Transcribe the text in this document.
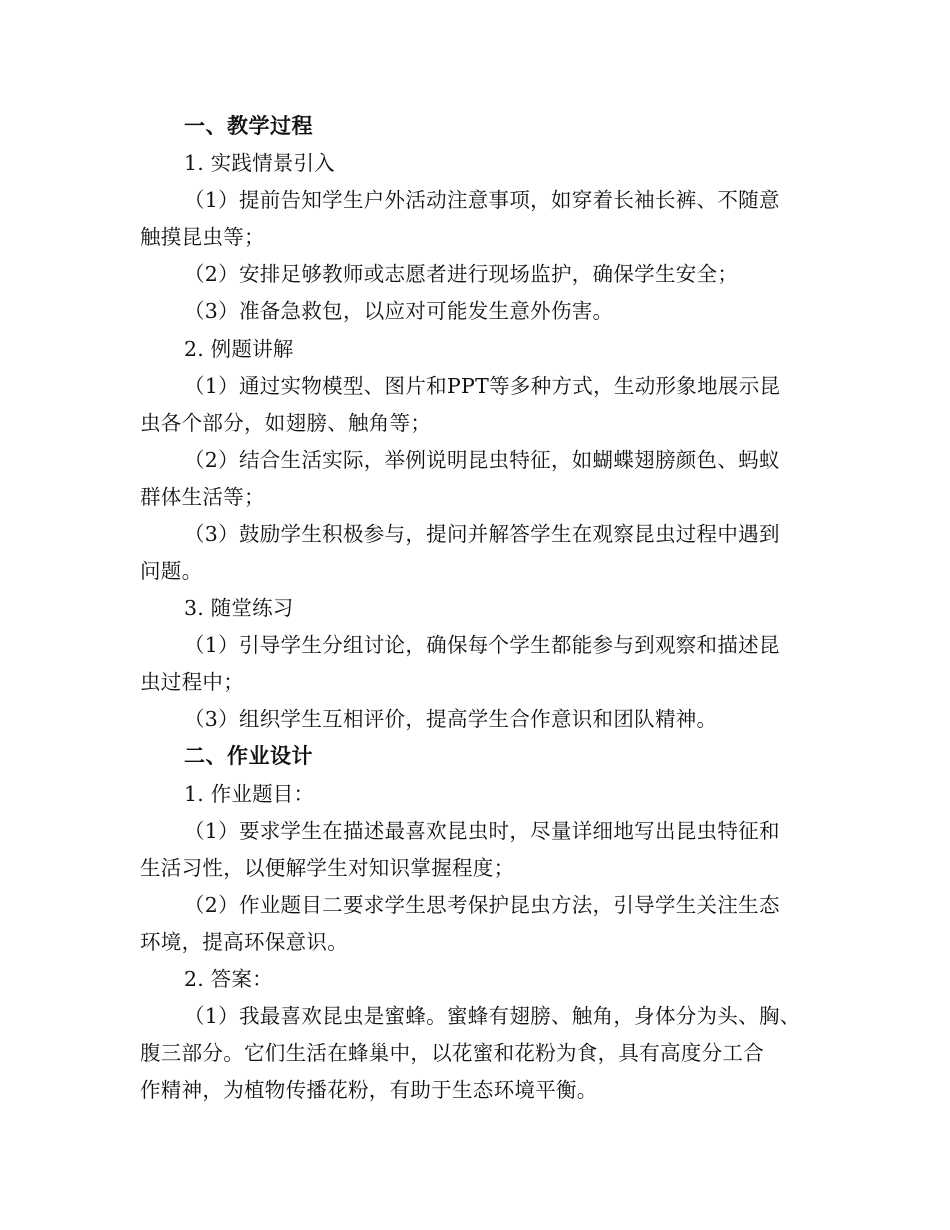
一、教学过程
1. 实践情景引入
（1）提前告知学生户外活动注意事项，如穿着长袖长裤、不随意
触摸昆虫等；
（2）安排足够教师或志愿者进行现场监护，确保学生安全；
（3）准备急救包，以应对可能发生意外伤害。
2. 例题讲解
（1）通过实物模型、图片和PPT等多种方式，生动形象地展示昆
虫各个部分，如翅膀、触角等；
（2）结合生活实际，举例说明昆虫特征，如蝴蝶翅膀颜色、蚂蚁
群体生活等；
（3）鼓励学生积极参与，提问并解答学生在观察昆虫过程中遇到
问题。
3. 随堂练习
（1）引导学生分组讨论，确保每个学生都能参与到观察和描述昆
虫过程中；
（3）组织学生互相评价，提高学生合作意识和团队精神。
二、作业设计
1. 作业题目：
（1）要求学生在描述最喜欢昆虫时，尽量详细地写出昆虫特征和
生活习性，以便解学生对知识掌握程度；
（2）作业题目二要求学生思考保护昆虫方法，引导学生关注生态
环境，提高环保意识。
2. 答案：
（1）我最喜欢昆虫是蜜蜂。蜜蜂有翅膀、触角，身体分为头、胸、
腹三部分。它们生活在蜂巢中，以花蜜和花粉为食，具有高度分工合
作精神，为植物传播花粉，有助于生态环境平衡。
